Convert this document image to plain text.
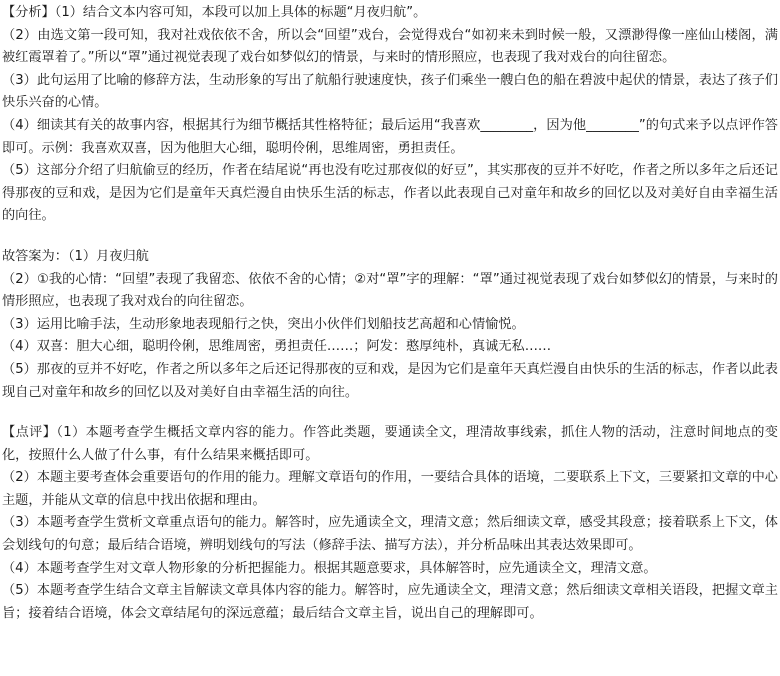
【分析】（1）结合文本内容可知，本段可以加上具体的标题“月夜归航”。

（2）由选文第一段可知，我对社戏依依不舍，所以会“回望”戏台，会觉得戏台“如初来未到时候一般，又漂渺得像一座仙山楼阁，满被红霞罩着了。”所以“罩”通过视觉表现了戏台如梦似幻的情景，与来时的情形照应，也表现了我对戏台的向往留恋。

（3）此句运用了比喻的修辞方法，生动形象的写出了航船行驶速度快，孩子们乘坐一艘白色的船在碧波中起伏的情景，表达了孩子们快乐兴奋的心情。

（4）细读其有关的故事内容，根据其行为细节概括其性格特征；最后运用“我喜欢________，因为他________”的句式来予以点评作答即可。示例：我喜欢双喜，因为他胆大心细，聪明伶俐，思维周密，勇担责任。

（5）这部分介绍了归航偷豆的经历，作者在结尾说“再也没有吃过那夜似的好豆”，其实那夜的豆并不好吃，作者之所以多年之后还记得那夜的豆和戏，是因为它们是童年天真烂漫自由快乐生活的标志，作者以此表现自己对童年和故乡的回忆以及对美好自由幸福生活的向往。

故答案为：（1）月夜归航

（2）①我的心情：“回望”表现了我留恋、依依不舍的心情；②对“罩”字的理解：“罩”通过视觉表现了戏台如梦似幻的情景，与来时的情形照应，也表现了我对戏台的向往留恋。

（3）运用比喻手法，生动形象地表现船行之快，突出小伙伴们划船技艺高超和心情愉悦。

（4）双喜：胆大心细，聪明伶俐，思维周密，勇担责任……；阿发：憨厚纯朴，真诚无私……

（5）那夜的豆并不好吃，作者之所以多年之后还记得那夜的豆和戏，是因为它们是童年天真烂漫自由快乐的生活的标志，作者以此表现自己对童年和故乡的回忆以及对美好自由幸福生活的向往。

【点评】（1）本题考查学生概括文章内容的能力。作答此类题，要通读全文，理清故事线索，抓住人物的活动，注意时间地点的变化，按照什么人做了什么事，有什么结果来概括即可。

（2）本题主要考查体会重要语句的作用的能力。理解文章语句的作用，一要结合具体的语境，二要联系上下文，三要紧扣文章的中心主题，并能从文章的信息中找出依据和理由。

（3）本题考查学生赏析文章重点语句的能力。解答时，应先通读全文，理清文意；然后细读文章，感受其段意；接着联系上下文，体会划线句的句意；最后结合语境，辨明划线句的写法（修辞手法、描写方法），并分析品味出其表达效果即可。

（4）本题考查学生对文章人物形象的分析把握能力。根据其题意要求，具体解答时，应先通读全文，理清文意。

（5）本题考查学生结合文章主旨解读文章具体内容的能力。解答时，应先通读全文，理清文意；然后细读文章相关语段，把握文章主旨；接着结合语境，体会文章结尾句的深远意蕴；最后结合文章主旨，说出自己的理解即可。
